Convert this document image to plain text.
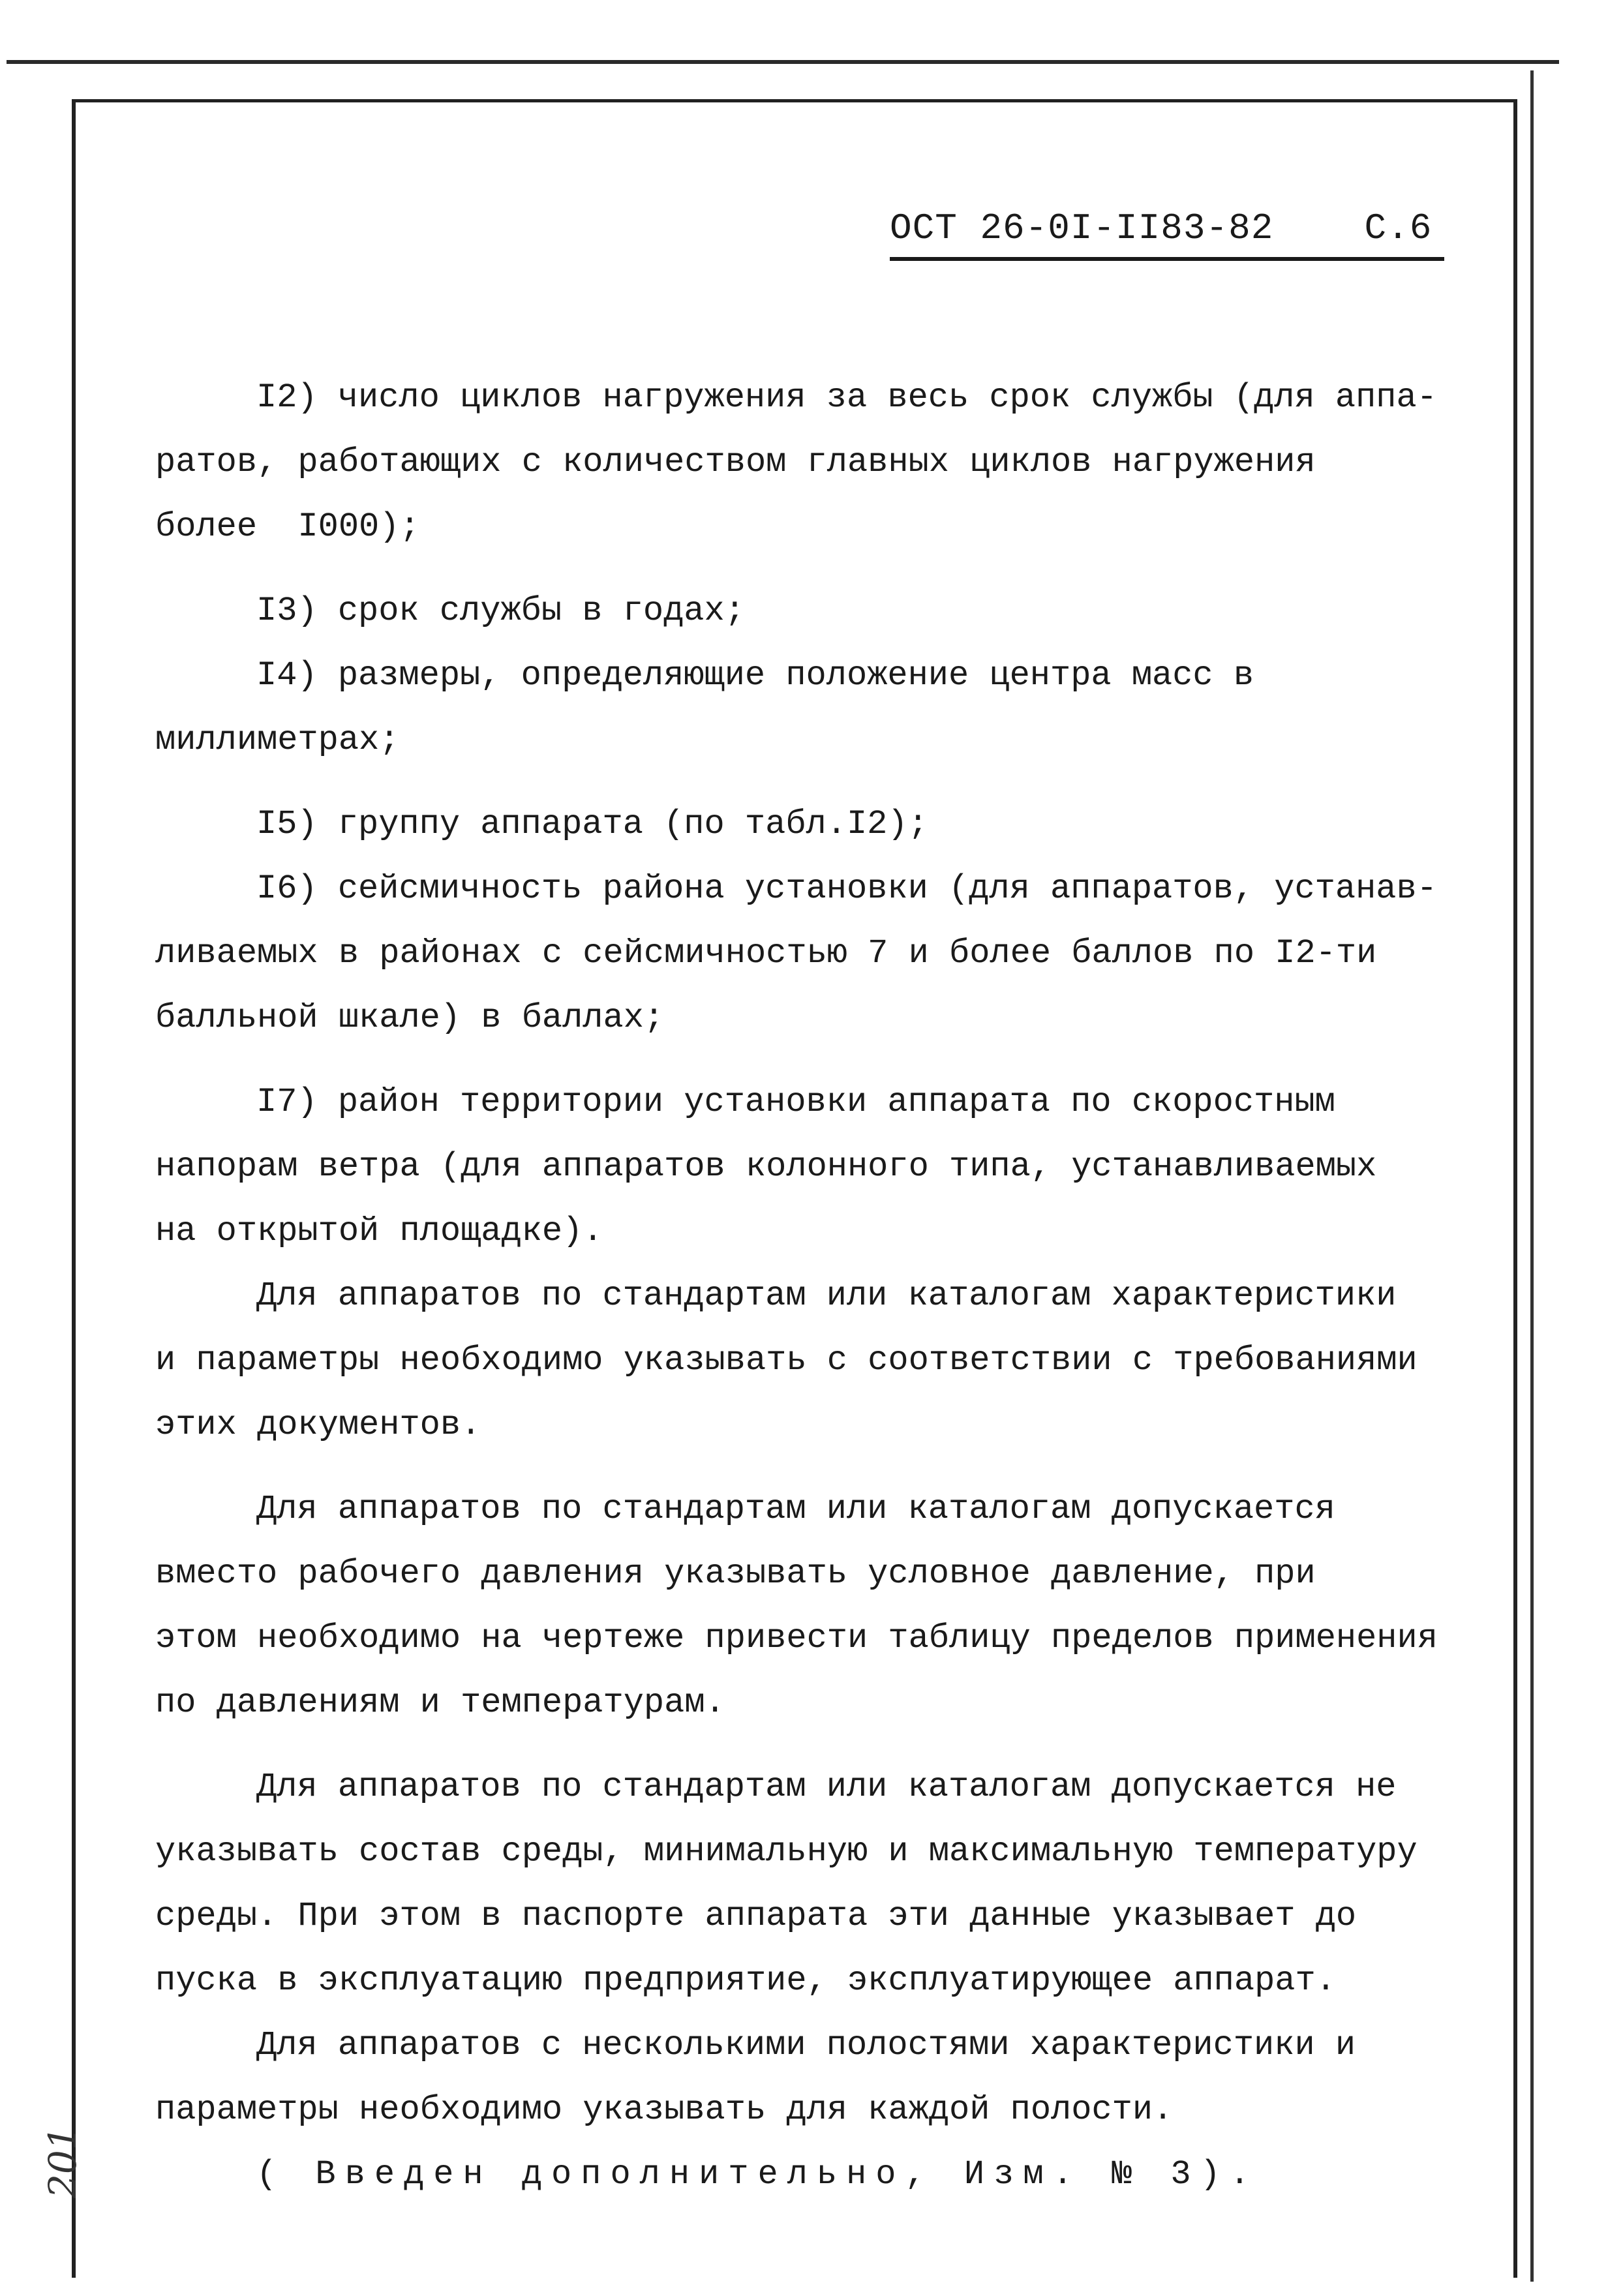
ОСТ 26-0I-II83-82 С.6

I2) число циклов нагружения за весь срок службы (для аппа-

ратов, работающих с количеством главных циклов нагружения

более  I000);

I3) срок службы в годах;

I4) размеры, определяющие положение центра масс в

миллиметрах;

I5) группу аппарата (по табл.I2);

I6) сейсмичность района установки (для аппаратов, устанав-

ливаемых в районах с сейсмичностью 7 и более баллов по I2-ти

балльной шкале) в баллах;

I7) район территории установки аппарата по скоростным

напорам ветра (для аппаратов колонного типа, устанавливаемых

на открытой площадке).

Для аппаратов по стандартам или каталогам характеристики

и параметры необходимо указывать с соответствии с требованиями

этих документов.

Для аппаратов по стандартам или каталогам допускается

вместо рабочего давления указывать условное давление, при

этом необходимо на чертеже привести таблицу пределов применения

по давлениям и температурам.

Для аппаратов по стандартам или каталогам допускается не

указывать состав среды, минимальную и максимальную температуру

среды. При этом в паспорте аппарата эти данные указывает до

пуска в эксплуатацию предприятие, эксплуатирующее аппарат.

Для аппаратов с несколькими полостями характеристики и

параметры необходимо указывать для каждой полости.

( Введен дополнительно, Изм. № 3).

201
